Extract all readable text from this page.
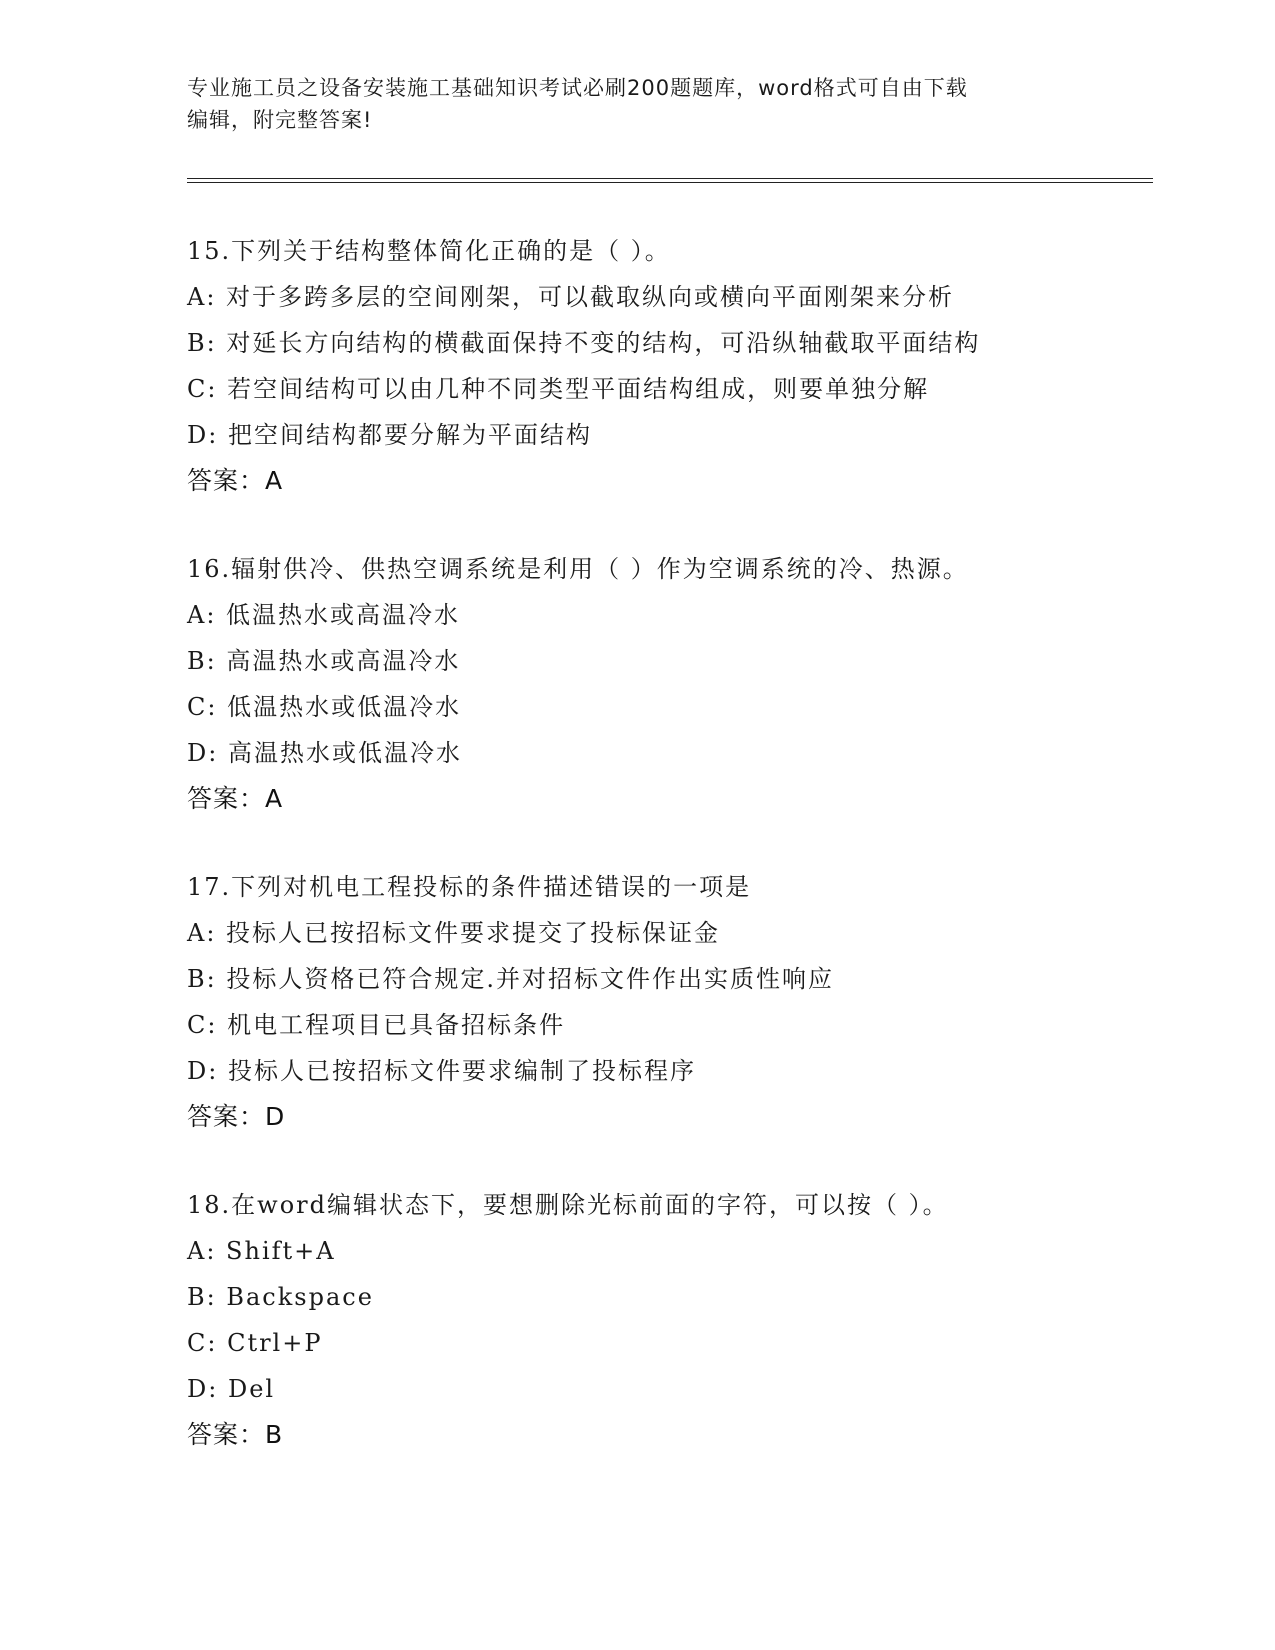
专业施工员之设备安装施工基础知识考试必刷200题题库，word格式可自由下载
编辑，附完整答案!
15.下列关于结构整体简化正确的是（ ）。
A: 对于多跨多层的空间刚架，可以截取纵向或横向平面刚架来分析
B: 对延长方向结构的横截面保持不变的结构，可沿纵轴截取平面结构
C: 若空间结构可以由几种不同类型平面结构组成，则要单独分解
D: 把空间结构都要分解为平面结构
答案：A
16.辐射供冷、供热空调系统是利用（ ）作为空调系统的冷、热源。
A: 低温热水或高温冷水
B: 高温热水或高温冷水
C: 低温热水或低温冷水
D: 高温热水或低温冷水
答案：A
17.下列对机电工程投标的条件描述错误的一项是
A: 投标人已按招标文件要求提交了投标保证金
B: 投标人资格已符合规定.并对招标文件作出实质性响应
C: 机电工程项目已具备招标条件
D: 投标人已按招标文件要求编制了投标程序
答案：D
18.在word编辑状态下，要想删除光标前面的字符，可以按（ ）。
A: Shift+A
B: Backspace
C: Ctrl+P
D: Del
答案：B
